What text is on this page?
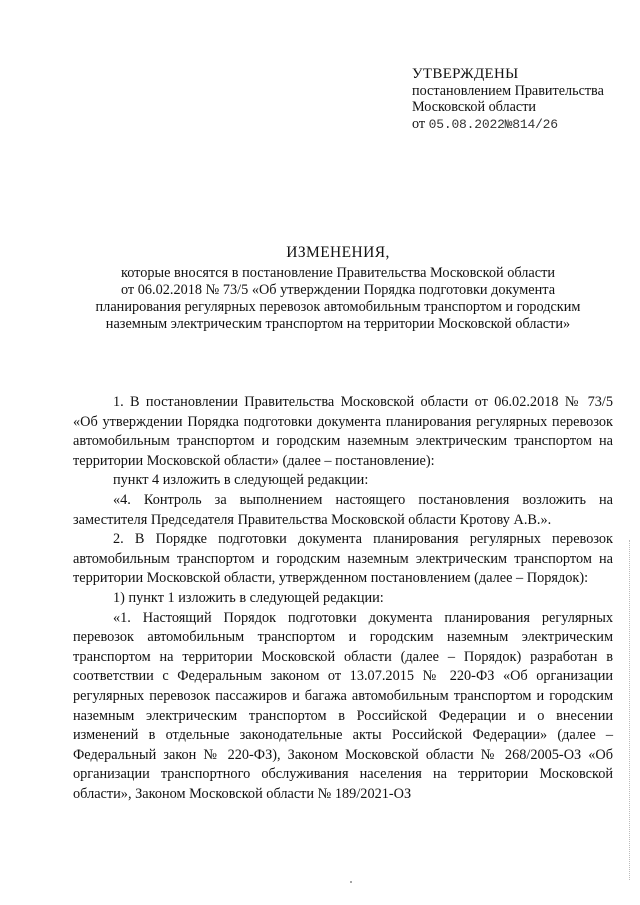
УТВЕРЖДЕНЫ
постановлением Правительства
Московской области
от 05.08.2022№814/26
ИЗМЕНЕНИЯ,
которые вносятся в постановление Правительства Московской области
от 06.02.2018 № 73/5 «Об утверждении Порядка подготовки документа
планирования регулярных перевозок автомобильным транспортом и городским
наземным электрическим транспортом на территории Московской области»

1. В постановлении Правительства Московской области от 06.02.2018 № 73/5 «Об утверждении Порядка подготовки документа планирования регулярных перевозок автомобильным транспортом и городским наземным электрическим транспортом на территории Московской области» (далее – постановление):

пункт 4 изложить в следующей редакции:

«4. Контроль за выполнением настоящего постановления возложить на заместителя Председателя Правительства Московской области Кротову А.В.».

2. В Порядке подготовки документа планирования регулярных перевозок автомобильным транспортом и городским наземным электрическим транспортом на территории Московской области, утвержденном постановлением (далее – Порядок):

1) пункт 1 изложить в следующей редакции:

«1. Настоящий Порядок подготовки документа планирования регулярных перевозок автомобильным транспортом и городским наземным электрическим транспортом на территории Московской области (далее – Порядок) разработан в соответствии с Федеральным законом от 13.07.2015 № 220-ФЗ «Об организации регулярных перевозок пассажиров и багажа автомобильным транспортом и городским наземным электрическим транспортом в Российской Федерации и о внесении изменений в отдельные законодательные акты Российской Федерации» (далее – Федеральный закон № 220-ФЗ), Законом Московской области № 268/2005-ОЗ «Об организации транспортного обслуживания населения на территории Московской области», Законом Московской области № 189/2021-ОЗ
